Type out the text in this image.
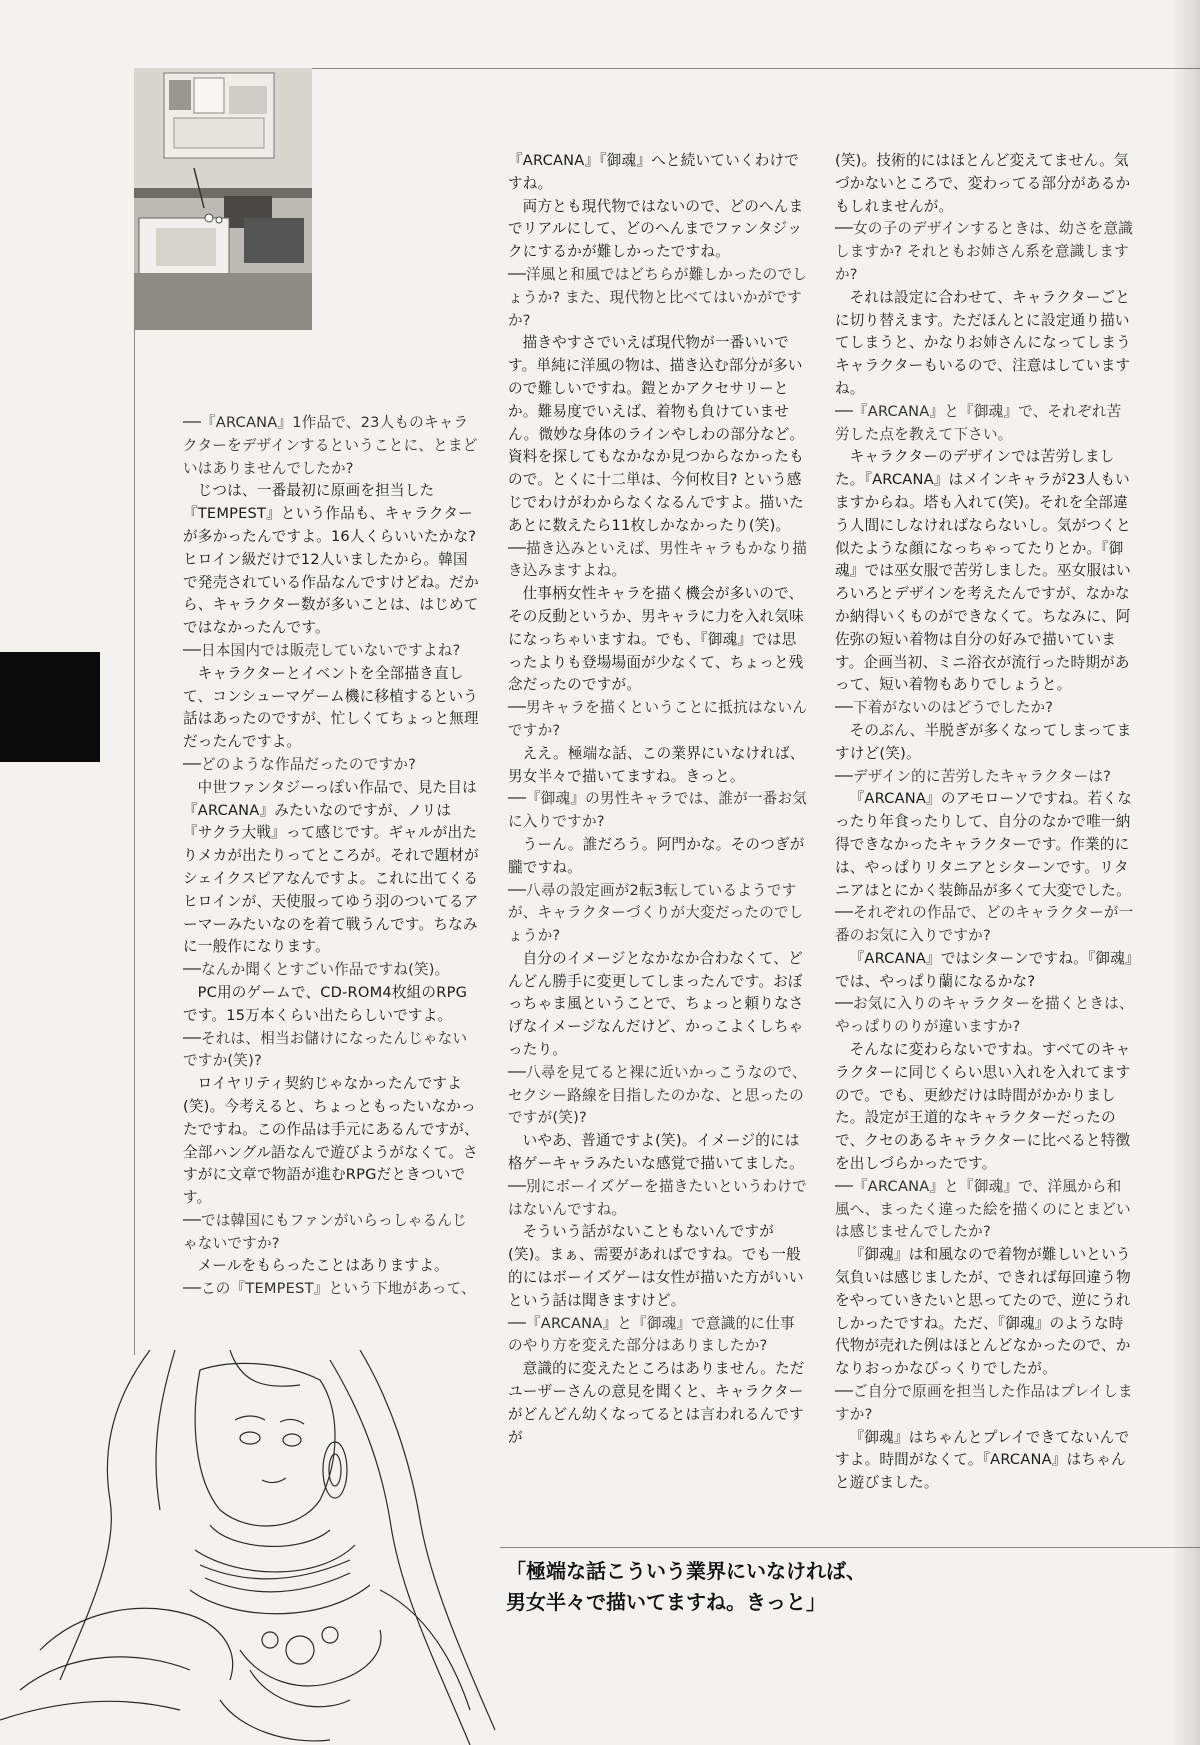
──『ARCANA』1作品で、23人ものキャラクターをデザインするということに、とまどいはありませんでしたか?

じつは、一番最初に原画を担当した『TEMPEST』という作品も、キャラクターが多かったんですよ。16人くらいいたかな? ヒロイン級だけで12人いましたから。韓国で発売されている作品なんですけどね。だから、キャラクター数が多いことは、はじめてではなかったんです。

──日本国内では販売していないですよね?

キャラクターとイベントを全部描き直して、コンシューマゲーム機に移植するという話はあったのですが、忙しくてちょっと無理だったんですよ。

──どのような作品だったのですか?

中世ファンタジーっぽい作品で、見た目は『ARCANA』みたいなのですが、ノリは『サクラ大戦』って感じです。ギャルが出たりメカが出たりってところが。それで題材がシェイクスピアなんですよ。これに出てくるヒロインが、天使服ってゆう羽のついてるアーマーみたいなのを着て戦うんです。ちなみに一般作になります。

──なんか聞くとすごい作品ですね(笑)。

PC用のゲームで、CD-ROM4枚組のRPGです。15万本くらい出たらしいですよ。

──それは、相当お儲けになったんじゃないですか(笑)?

ロイヤリティ契約じゃなかったんですよ(笑)。今考えると、ちょっともったいなかったですね。この作品は手元にあるんですが、全部ハングル語なんで遊びようがなくて。さすがに文章で物語が進むRPGだときついです。

──では韓国にもファンがいらっしゃるんじゃないですか?

メールをもらったことはありますよ。

──この『TEMPEST』という下地があって、

『ARCANA』『御魂』へと続いていくわけですね。

両方とも現代物ではないので、どのへんまでリアルにして、どのへんまでファンタジックにするかが難しかったですね。

──洋風と和風ではどちらが難しかったのでしょうか? また、現代物と比べてはいかがですか?

描きやすさでいえば現代物が一番いいです。単純に洋風の物は、描き込む部分が多いので難しいですね。鎧とかアクセサリーとか。難易度でいえば、着物も負けていません。微妙な身体のラインやしわの部分など。資料を探してもなかなか見つからなかったもので。とくに十二単は、今何枚目? という感じでわけがわからなくなるんですよ。描いたあとに数えたら11枚しかなかったり(笑)。

──描き込みといえば、男性キャラもかなり描き込みますよね。

仕事柄女性キャラを描く機会が多いので、その反動というか、男キャラに力を入れ気味になっちゃいますね。でも、『御魂』では思ったよりも登場場面が少なくて、ちょっと残念だったのですが。

──男キャラを描くということに抵抗はないんですか?

ええ。極端な話、この業界にいなければ、男女半々で描いてますね。きっと。

──『御魂』の男性キャラでは、誰が一番お気に入りですか?

うーん。誰だろう。阿門かな。そのつぎが朧ですね。

──八尋の設定画が2転3転しているようですが、キャラクターづくりが大変だったのでしょうか?

自分のイメージとなかなか合わなくて、どんどん勝手に変更してしまったんです。おぼっちゃま風ということで、ちょっと頼りなさげなイメージなんだけど、かっこよくしちゃったり。

──八尋を見てると裸に近いかっこうなので、セクシー路線を目指したのかな、と思ったのですが(笑)?

いやあ、普通ですよ(笑)。イメージ的には格ゲーキャラみたいな感覚で描いてました。

──別にボーイズゲーを描きたいというわけではないんですね。

そういう話がないこともないんですが(笑)。まぁ、需要があればですね。でも一般的にはボーイズゲーは女性が描いた方がいいという話は聞きますけど。

──『ARCANA』と『御魂』で意識的に仕事のやり方を変えた部分はありましたか?

意識的に変えたところはありません。ただユーザーさんの意見を聞くと、キャラクターがどんどん幼くなってるとは言われるんですが

(笑)。技術的にはほとんど変えてません。気づかないところで、変わってる部分があるかもしれませんが。

──女の子のデザインするときは、幼さを意識しますか? それともお姉さん系を意識しますか?

それは設定に合わせて、キャラクターごとに切り替えます。ただほんとに設定通り描いてしまうと、かなりお姉さんになってしまうキャラクターもいるので、注意はしていますね。

──『ARCANA』と『御魂』で、それぞれ苦労した点を教えて下さい。

キャラクターのデザインでは苦労しました。『ARCANA』はメインキャラが23人もいますからね。塔も入れて(笑)。それを全部違う人間にしなければならないし。気がつくと似たような顔になっちゃってたりとか。『御魂』では巫女服で苦労しました。巫女服はいろいろとデザインを考えたんですが、なかなか納得いくものができなくて。ちなみに、阿佐弥の短い着物は自分の好みで描いています。企画当初、ミニ浴衣が流行った時期があって、短い着物もありでしょうと。

──下着がないのはどうでしたか?

そのぶん、半脱ぎが多くなってしまってますけど(笑)。

──デザイン的に苦労したキャラクターは?

『ARCANA』のアモローソですね。若くなったり年食ったりして、自分のなかで唯一納得できなかったキャラクターです。作業的には、やっぱりリタニアとシターンです。リタニアはとにかく装飾品が多くて大変でした。

──それぞれの作品で、どのキャラクターが一番のお気に入りですか?

『ARCANA』ではシターンですね。『御魂』では、やっぱり蘭になるかな?

──お気に入りのキャラクターを描くときは、やっぱりのりが違いますか?

そんなに変わらないですね。すべてのキャラクターに同じくらい思い入れを入れてますので。でも、更紗だけは時間がかかりました。設定が王道的なキャラクターだったので、クセのあるキャラクターに比べると特徴を出しづらかったです。

──『ARCANA』と『御魂』で、洋風から和風へ、まったく違った絵を描くのにとまどいは感じませんでしたか?

『御魂』は和風なので着物が難しいという気負いは感じましたが、できれば毎回違う物をやっていきたいと思ってたので、逆にうれしかったですね。ただ、『御魂』のような時代物が売れた例はほとんどなかったので、かなりおっかなびっくりでしたが。

──ご自分で原画を担当した作品はプレイしますか?

『御魂』はちゃんとプレイできてないんですよ。時間がなくて。『ARCANA』はちゃんと遊びました。

「極端な話こういう業界にいなければ、
男女半々で描いてますね。きっと」
